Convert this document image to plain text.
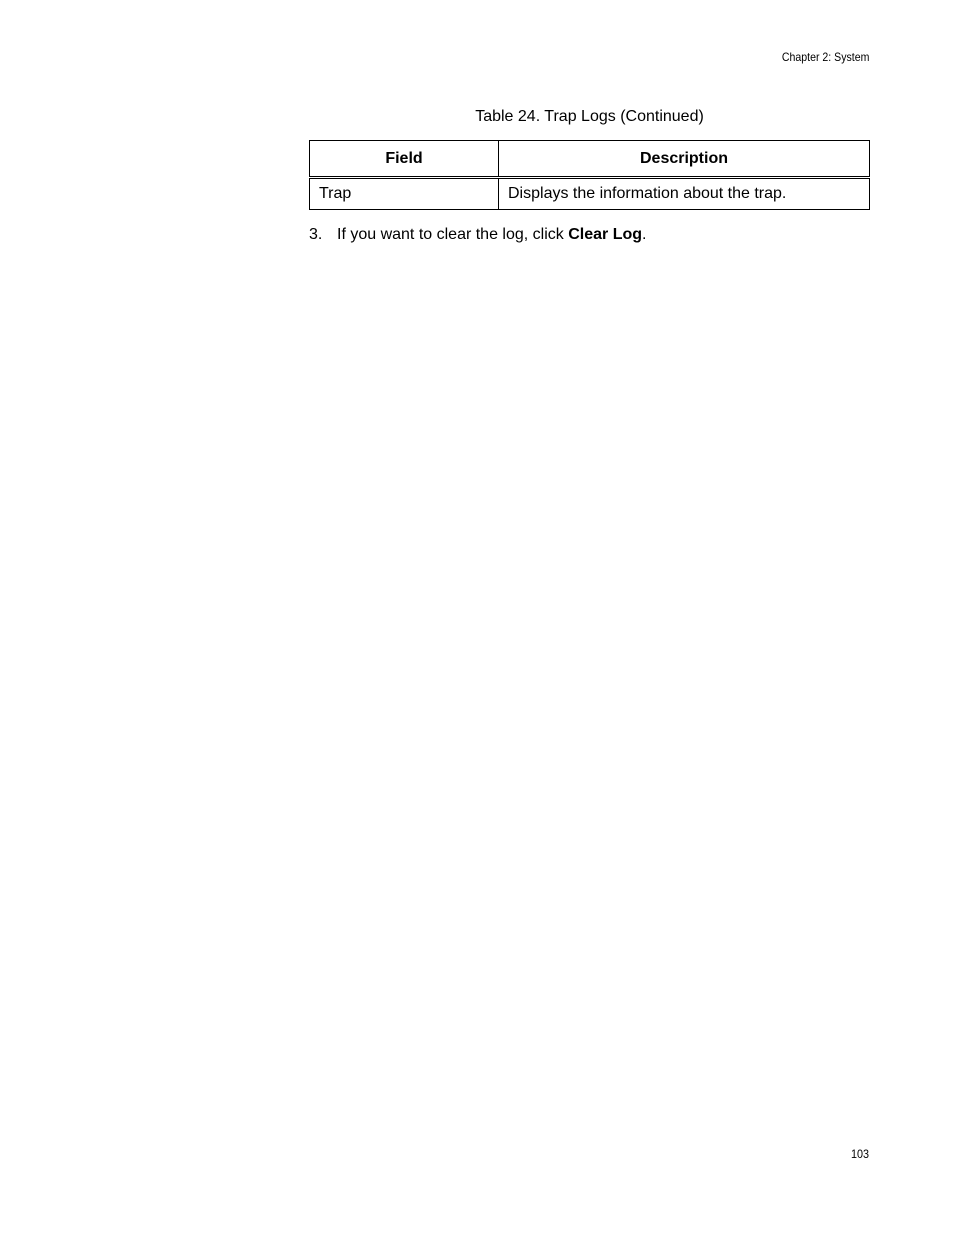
Chapter 2: System
Table 24. Trap Logs (Continued)
Field	Description
Trap	Displays the information about the trap.
3. If you want to clear the log, click Clear Log.
103
